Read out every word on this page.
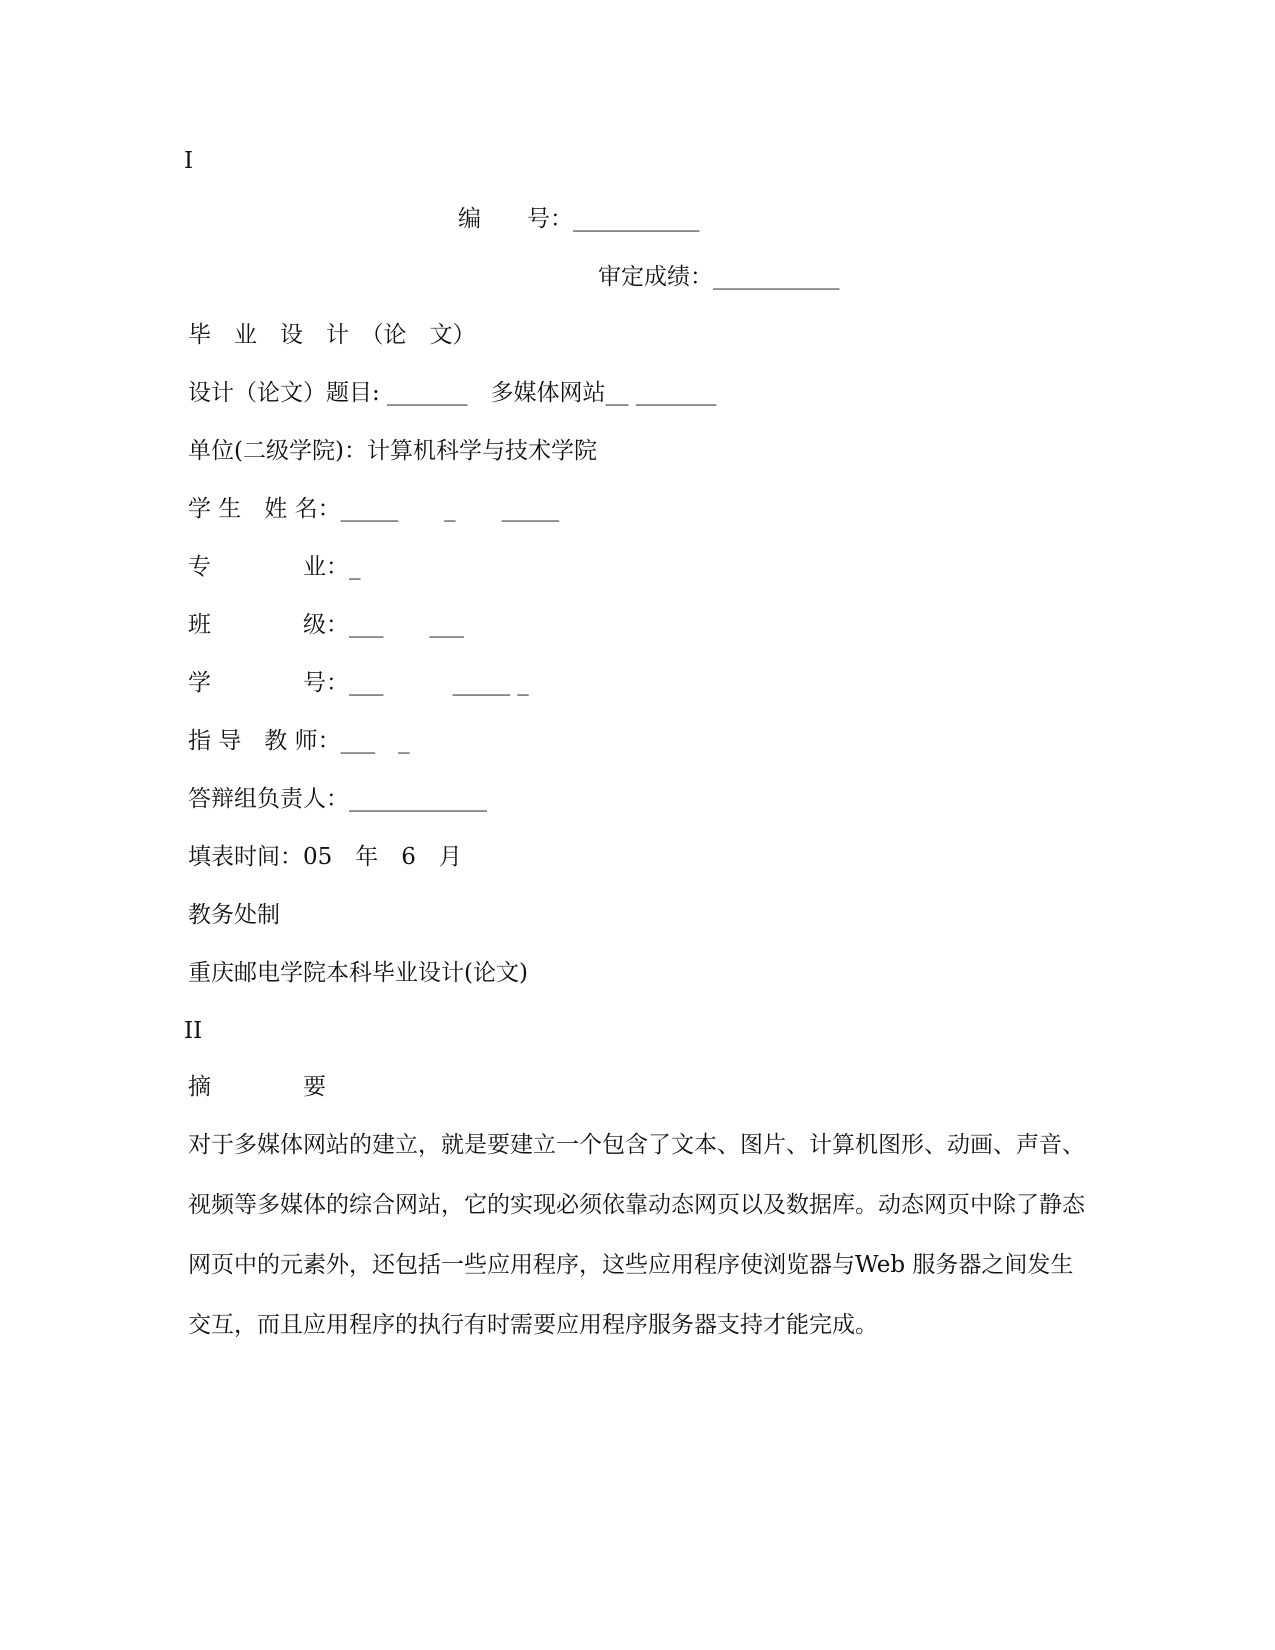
I
编　　号：___________
审定成绩：___________
毕　业　设　计　（论　文）
设计（论文）题目: _______　多媒体网站__ _______
单位(二级学院)：计算机科学与技术学院
学 生　姓 名：_____　　_　　_____
专　　　　业：_
班　　　　级：___　　___
学　　　　号：___　　　_____ _
指 导　教 师：___　_
答辩组负责人：____________
填表时间：05　年　6　月
教务处制
重庆邮电学院本科毕业设计(论文)
II
摘　　　　要
对于多媒体网站的建立，就是要建立一个包含了文本、图片、计算机图形、动画、声音、视频等多媒体的综合网站，它的实现必须依靠动态网页以及数据库。动态网页中除了静态网页中的元素外，还包括一些应用程序，这些应用程序使浏览器与Web 服务器之间发生交互，而且应用程序的执行有时需要应用程序服务器支持才能完成。
